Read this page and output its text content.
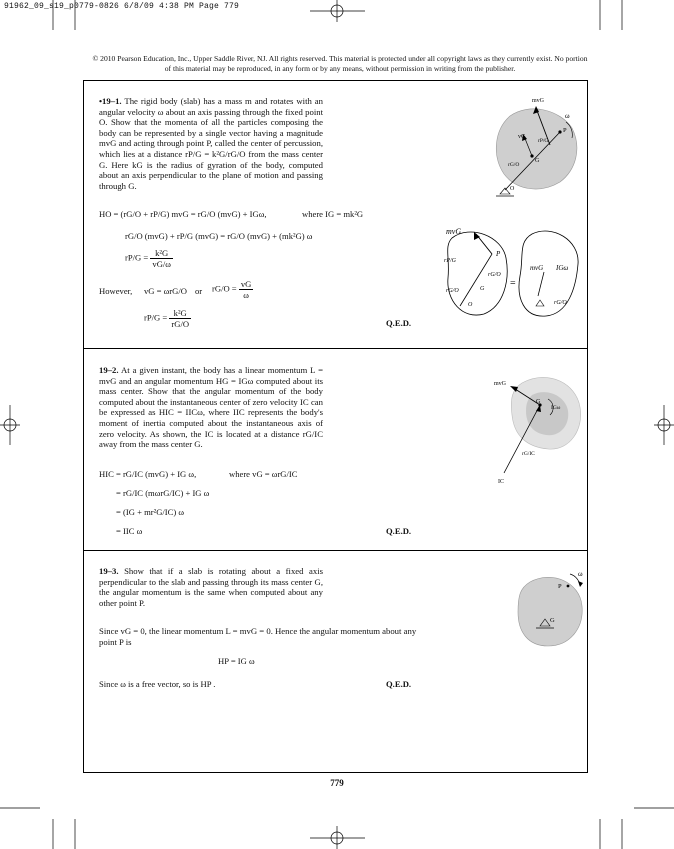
91962_09_s19_p0779-0826 6/8/09 4:38 PM Page 779
© 2010 Pearson Education, Inc., Upper Saddle River, NJ. All rights reserved. This material is protected under all copyright laws as they currently exist. No portion of this material may be reproduced, in any form or by any means, without permission in writing from the publisher.
•19–1. The rigid body (slab) has a mass m and rotates with an angular velocity ω about an axis passing through the fixed point O. Show that the momenta of all the particles composing the body can be represented by a single vector having a magnitude mvG and acting through point P, called the center of percussion, which lies at a distance rP/G = k²G/rG/O from the mass center G. Here kG is the radius of gyration of the body, computed about an axis perpendicular to the plane of motion and passing through G.
HO = (rG/O + rP/G) mvG = rG/O (mvG) + IGω,	where IG = mk²G
rG/O (mvG) + rP/G (mvG) = rG/O (mvG) + (mk²G) ω
$rP/G = \frac{\text{k²G}}{vG/\omega}$
However, vG = ωrG/O or $rG/O = \frac{vG}{\omega}$
$rP/G = \frac{\text{k²G}}{rG/O}$	Q.E.D.
mvG
ω
vG
rP/G
P
G
rG/O
O
mvG
P
rP/G
rG/O
G
rG/O
O
=
mvG IGω
rG/O
19–2. At a given instant, the body has a linear momentum L = mvG and an angular momentum HG = IGω computed about its mass center. Show that the angular momentum of the body computed about the instantaneous center of zero velocity IC can be expressed as HIC = IICω, where IIC represents the body's moment of inertia computed about the instantaneous axis of zero velocity. As shown, the IC is located at a distance rG/IC away from the mass center G.
HIC = rG/IC (mvG) + IG ω,	where vG = ωrG/IC
= rG/IC (mωrG/IC) + IG ω
= (IG + mr²G/IC) ω
= IIC ω	Q.E.D.
mvG
G
IGω
rG/IC
IC
19–3. Show that if a slab is rotating about a fixed axis perpendicular to the slab and passing through its mass center G, the angular momentum is the same when computed about any other point P.
Since vG = 0, the linear momentum L = mvG = 0. Hence the angular momentum about any point P is
HP = IG ω
Since ω is a free vector, so is HP .	Q.E.D.
ω
P
G
779
